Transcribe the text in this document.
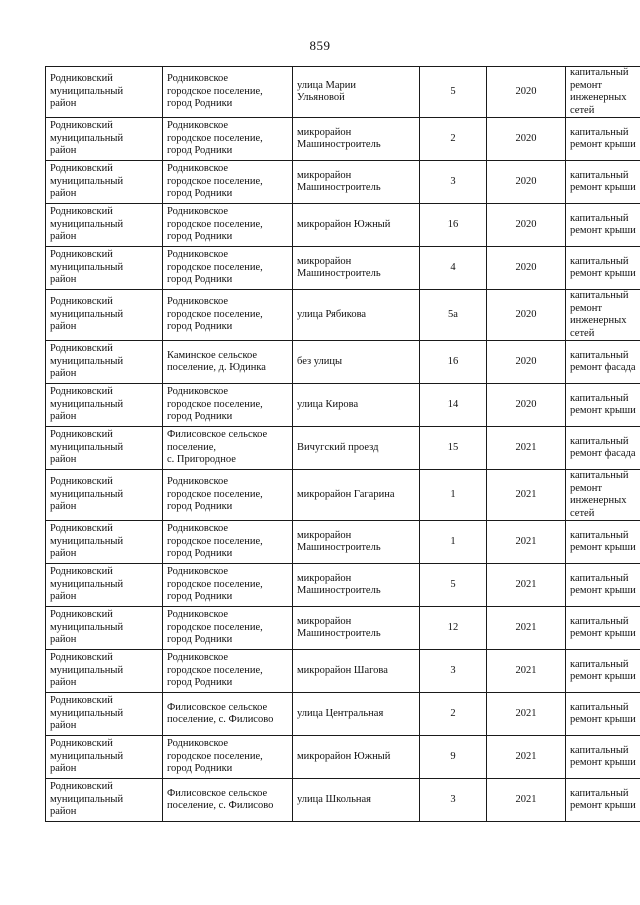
859
Родниковский
муниципальный
район	Родниковское
городское поселение,
город Родники	улица Марии
Ульяновой	5	2020	капитальный
ремонт
инженерных
сетей

Родниковский
муниципальный
район	Родниковское
городское поселение,
город Родники	микрорайон
Машиностроитель	2	2020	капитальный
ремонт крыши

Родниковский
муниципальный
район	Родниковское
городское поселение,
город Родники	микрорайон
Машиностроитель	3	2020	капитальный
ремонт крыши

Родниковский
муниципальный
район	Родниковское
городское поселение,
город Родники	микрорайон Южный	16	2020	капитальный
ремонт крыши

Родниковский
муниципальный
район	Родниковское
городское поселение,
город Родники	микрорайон
Машиностроитель	4	2020	капитальный
ремонт крыши

Родниковский
муниципальный
район	Родниковское
городское поселение,
город Родники	улица Рябикова	5а	2020	капитальный
ремонт
инженерных
сетей

Родниковский
муниципальный
район	Каминское сельское
поселение, д. Юдинка	без улицы	16	2020	капитальный
ремонт фасада

Родниковский
муниципальный
район	Родниковское
городское поселение,
город Родники	улица Кирова	14	2020	капитальный
ремонт крыши

Родниковский
муниципальный
район	Филисовское сельское
поселение,
с. Пригородное	Вичугский проезд	15	2021	капитальный
ремонт фасада

Родниковский
муниципальный
район	Родниковское
городское поселение,
город Родники	микрорайон Гагарина	1	2021	капитальный
ремонт
инженерных
сетей

Родниковский
муниципальный
район	Родниковское
городское поселение,
город Родники	микрорайон
Машиностроитель	1	2021	капитальный
ремонт крыши

Родниковский
муниципальный
район	Родниковское
городское поселение,
город Родники	микрорайон
Машиностроитель	5	2021	капитальный
ремонт крыши

Родниковский
муниципальный
район	Родниковское
городское поселение,
город Родники	микрорайон
Машиностроитель	12	2021	капитальный
ремонт крыши

Родниковский
муниципальный
район	Родниковское
городское поселение,
город Родники	микрорайон Шагова	3	2021	капитальный
ремонт крыши

Родниковский
муниципальный
район	Филисовское сельское
поселение, с. Филисово	улица Центральная	2	2021	капитальный
ремонт крыши

Родниковский
муниципальный
район	Родниковское
городское поселение,
город Родники	микрорайон Южный	9	2021	капитальный
ремонт крыши

Родниковский
муниципальный
район	Филисовское сельское
поселение, с. Филисово	улица Школьная	3	2021	капитальный
ремонт крыши
